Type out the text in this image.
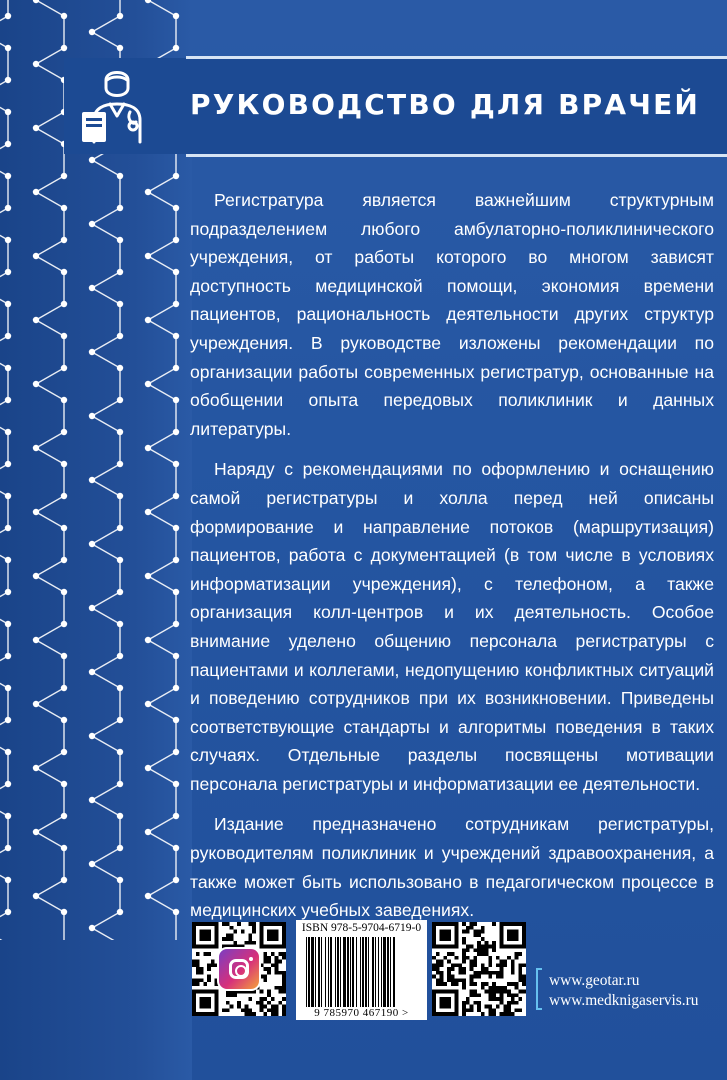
РУКОВОДСТВО ДЛЯ ВРАЧЕЙ

Регистратура является важнейшим структурным подразделением любого амбулаторно-поликлинического учреждения, от работы которого во многом зависят доступность медицинской помощи, экономия времени пациентов, рациональность деятельности других структур учреждения. В руководстве изложены рекомендации по организации работы современных регистратур, основанные на обобщении опыта передовых поликлиник и данных литературы.

Наряду с рекомендациями по оформлению и оснащению самой регистратуры и холла перед ней описаны формирование и направление потоков (маршрутизация) пациентов, работа с документацией (в том числе в условиях информатизации учреждения), с телефоном, а также организация колл-центров и их деятельность. Особое внимание уделено общению персонала регистратуры с пациентами и коллегами, недопущению конфликтных ситуаций и поведению сотрудников при их возникновении. Приведены соответствующие стандарты и алгоритмы поведения в таких случаях. Отдельные разделы посвящены мотивации персонала регистратуры и информатизации ее деятельности.

Издание предназначено сотрудникам регистратуры, руководителям поликлиник и учреждений здравоохранения, а также может быть использовано в педагогическом процессе в медицинских учебных заведениях.

ISBN 978-5-9704-6719-0
9 785970 467190 >
www.geotar.ru
www.medknigaservis.ru
